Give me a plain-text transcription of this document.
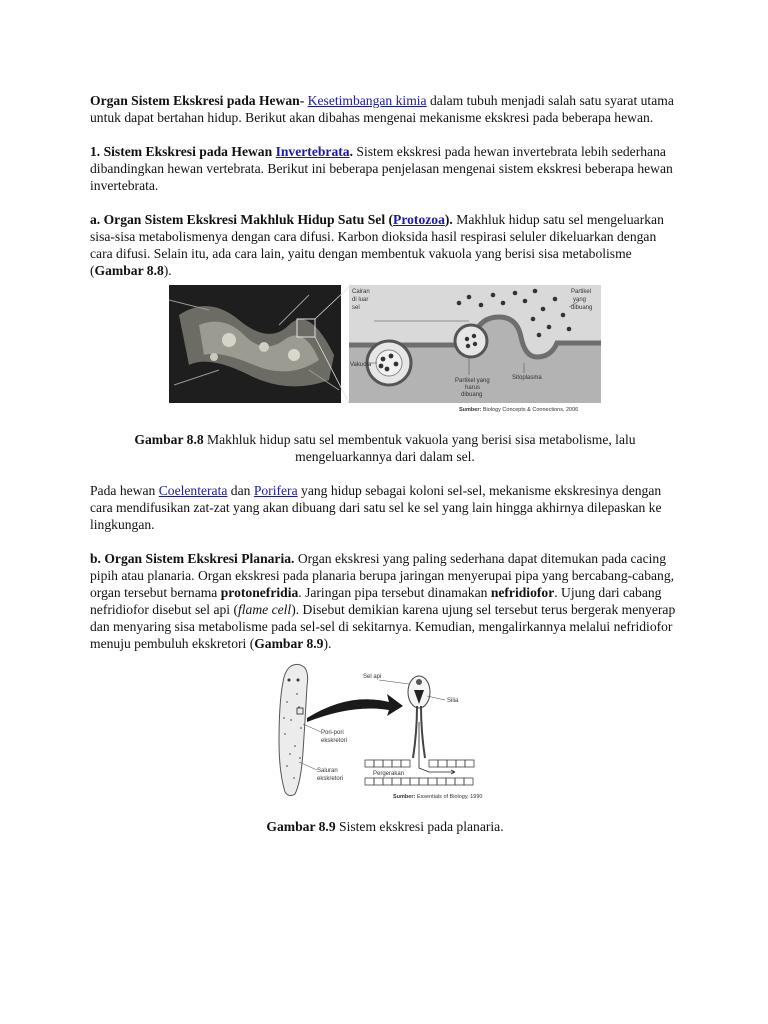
Organ Sistem Ekskresi pada Hewan- Kesetimbangan kimia dalam tubuh menjadi salah satu syarat utama untuk dapat bertahan hidup. Berikut akan dibahas mengenai mekanisme ekskresi pada beberapa hewan.

1. Sistem Ekskresi pada Hewan Invertebrata. Sistem ekskresi pada hewan invertebrata lebih sederhana dibandingkan hewan vertebrata. Berikut ini beberapa penjelasan mengenai sistem ekskresi beberapa hewan invertebrata.

a. Organ Sistem Ekskresi Makhluk Hidup Satu Sel (Protozoa). Makhluk hidup satu sel mengeluarkan sisa-sisa metabolismenya dengan cara difusi. Karbon dioksida hasil respirasi seluler dikeluarkan dengan cara difusi. Selain itu, ada cara lain, yaitu dengan membentuk vakuola yang berisi sisa metabolisme (Gambar 8.8).

Cairan
di luar
sel
Partikel
yang
dibuang
Vakuola
Partikel yang
harus
dibuang
Sitoplasma
Sumber: Biology Concepts & Connections, 2006

Gambar 8.8 Makhluk hidup satu sel membentuk vakuola yang berisi sisa metabolisme, lalu mengeluarkannya dari dalam sel.

Pada hewan Coelenterata dan Porifera yang hidup sebagai koloni sel-sel, mekanisme ekskresinya dengan cara mendifusikan zat-zat yang akan dibuang dari satu sel ke sel yang lain hingga akhirnya dilepaskan ke lingkungan.

b. Organ Sistem Ekskresi Planaria. Organ ekskresi yang paling sederhana dapat ditemukan pada cacing pipih atau planaria. Organ ekskresi pada planaria berupa jaringan menyerupai pipa yang bercabang-cabang, organ tersebut bernama protonefridia. Jaringan pipa tersebut dinamakan nefridiofor. Ujung dari cabang nefridiofor disebut sel api (flame cell). Disebut demikian karena ujung sel tersebut terus bergerak menyerap dan menyaring sisa metabolisme pada sel-sel di sekitarnya. Kemudian, mengalirkannya melalui nefridiofor menuju pembuluh ekskretori (Gambar 8.9).

Sel api
Silia
Pori-pori
ekskretori
Saluran
ekskretori
Pergerakan
Sumber: Essentials of Biology, 1990

Gambar 8.9 Sistem ekskresi pada planaria.
